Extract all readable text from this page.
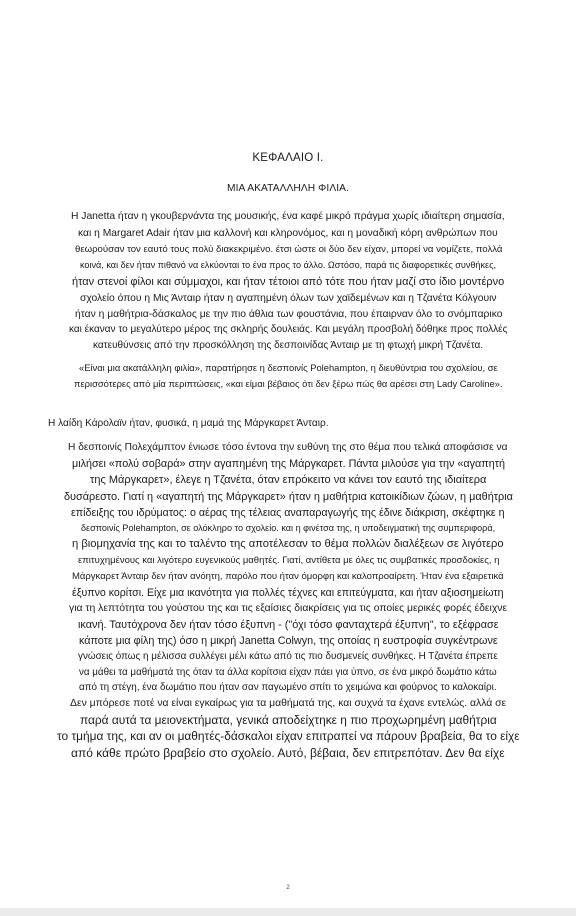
ΚΕΦΑΛΑΙΟ Ι.
ΜΙΑ ΑΚΑΤΑΛΛΗΛΗ ΦΙΛΙΑ.
Η Janetta ήταν η γκουβερνάντα της μουσικής, ένα καφέ μικρό πράγμα χωρίς ιδιαίτερη σημασία,
και η Margaret Adair ήταν μια καλλονή και κληρονόμος, και η μοναδική κόρη ανθρώπων που
θεωρούσαν τον εαυτό τους πολύ διακεκριμένο. έτσι ώστε οι δύο δεν είχαν, μπορεί να νομίζετε, πολλά
κοινά, και δεν ήταν πιθανό να ελκύονται το ένα προς το άλλο. Ωστόσο, παρά τις διαφορετικές συνθήκες,
ήταν στενοί φίλοι και σύμμαχοι, και ήταν τέτοιοι από τότε που ήταν μαζί στο ίδιο μοντέρνο
σχολείο όπου η Μις Άνταιρ ήταν η αγαπημένη όλων των χαϊδεμένων και η Τζανέτα Κόλγουιν
ήταν η μαθήτρια-δάσκαλος με την πιο άθλια των φουστάνια, που έπαιρναν όλο το σνόμπαρικο
και έκαναν το μεγαλύτερο μέρος της σκληρής δουλειάς. Και μεγάλη προσβολή δόθηκε προς πολλές
κατευθύνσεις από την προσκόλληση της δεσποινίδας Άνταιρ με τη φτωχή μικρή Τζανέτα.
«Είναι μια ακατάλληλη φιλία», παρατήρησε η δεσποινίς Polehampton, η διευθύντρια του σχολείου, σε
περισσότερες από μία περιπτώσεις, «και είμαι βέβαιος ότι δεν ξέρω πώς θα αρέσει στη Lady Caroline».
Η λαίδη Κάρολαϊν ήταν, φυσικά, η μαμά της Μάργκαρετ Άνταιρ.
Η δεσποινίς Πολεχάμπτον ένιωσε τόσο έντονα την ευθύνη της στο θέμα που τελικά αποφάσισε να
μιλήσει «πολύ σοβαρά» στην αγαπημένη της Μάργκαρετ. Πάντα μιλούσε για την «αγαπητή
της Μάργκαρετ», έλεγε η Τζανέτα, όταν επρόκειτο να κάνει τον εαυτό της ιδιαίτερα
δυσάρεστο. Γιατί η «αγαπητή της Μάργκαρετ» ήταν η μαθήτρια κατοικίδιων ζώων, η μαθήτρια
επίδειξης του ιδρύματος: ο αέρας της τέλειας αναπαραγωγής της έδινε διάκριση, σκέφτηκε η
δεσποινίς Polehampton, σε ολόκληρο το σχολείο. και η φινέτσα της, η υποδειγματική της συμπεριφορά,
η βιομηχανία της και το ταλέντο της αποτέλεσαν το θέμα πολλών διαλέξεων σε λιγότερο
επιτυχημένους και λιγότερο ευγενικούς μαθητές. Γιατί, αντίθετα με όλες τις συμβατικές προσδοκίες, η
Μάργκαρετ Άνταιρ δεν ήταν ανόητη, παρόλο που ήταν όμορφη και καλοπροαίρετη. Ήταν ένα εξαιρετικά
έξυπνο κορίτσι. Είχε μια ικανότητα για πολλές τέχνες και επιτεύγματα, και ήταν αξιοσημείωτη
για τη λεπτότητα του γούστου της και τις εξαίσιες διακρίσεις για τις οποίες μερικές φορές έδειχνε
ικανή. Ταυτόχρονα δεν ήταν τόσο έξυπνη - ("όχι τόσο φανταχτερά έξυπνη", το εξέφρασε
κάποτε μια φίλη της) όσο η μικρή Janetta Colwyn, της οποίας η ευστροφία συγκέντρωνε
γνώσεις όπως η μέλισσα συλλέγει μέλι κάτω από τις πιο δυσμενείς συνθήκες. Η Τζανέτα έπρεπε
να μάθει τα μαθήματά της όταν τα άλλα κορίτσια είχαν πάει για ύπνο, σε ένα μικρό δωμάτιο κάτω
από τη στέγη, ένα δωμάτιο που ήταν σαν παγωμένο σπίτι το χειμώνα και φούρνος το καλοκαίρι.
Δεν μπόρεσε ποτέ να είναι εγκαίρως για τα μαθήματά της, και συχνά τα έχανε εντελώς. αλλά σε
παρά αυτά τα μειονεκτήματα, γενικά αποδείχτηκε η πιο προχωρημένη μαθήτρια
το τμήμα της, και αν οι μαθητές-δάσκαλοι είχαν επιτραπεί να πάρουν βραβεία, θα το είχε
από κάθε πρώτο βραβείο στο σχολείο. Αυτό, βέβαια, δεν επιτρεπόταν. Δεν θα είχε
2
